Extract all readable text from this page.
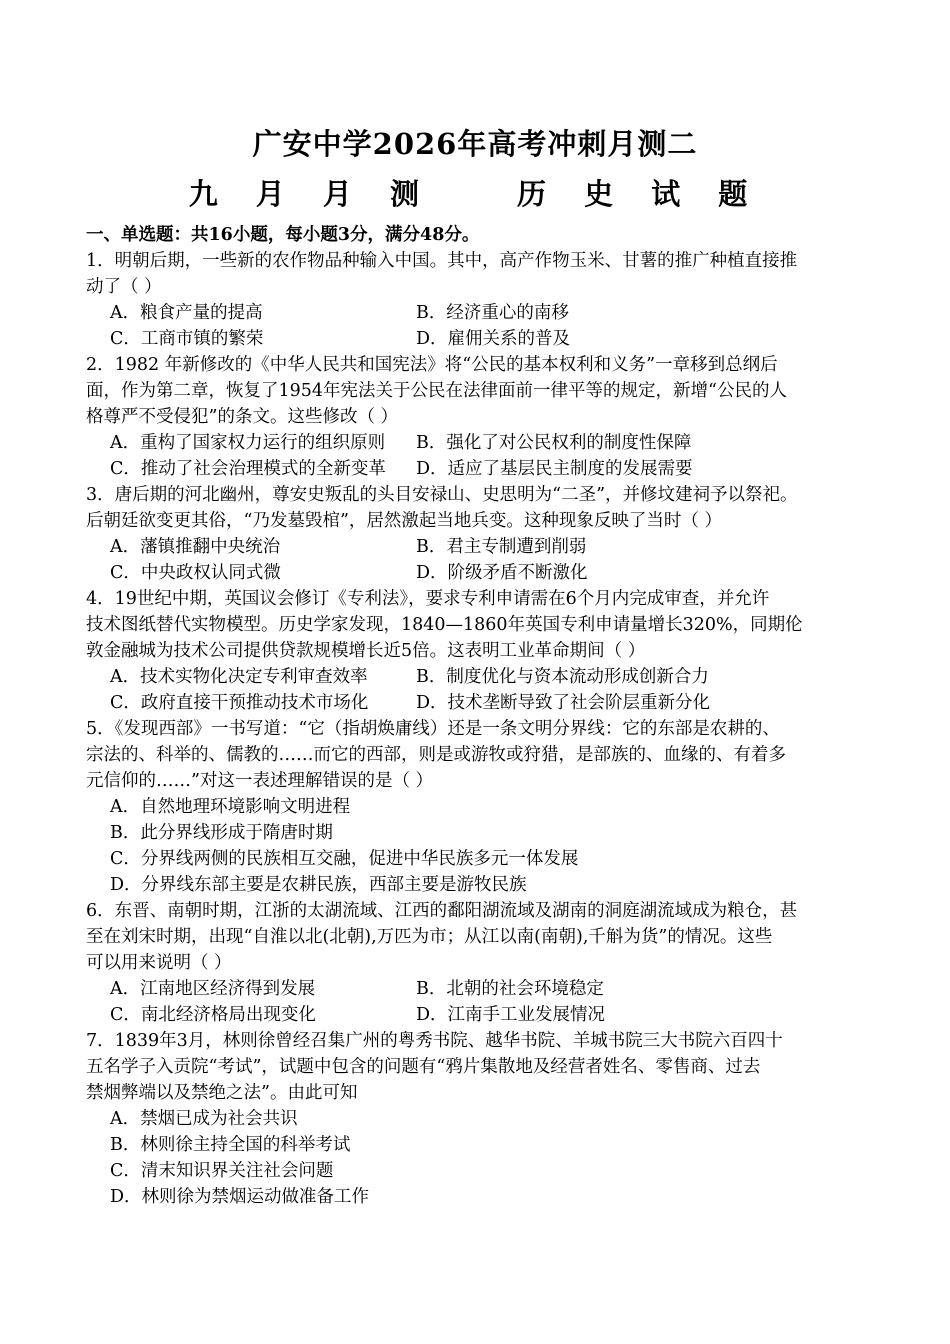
广安中学2026年高考冲刺月测二
九 月 月 测	历 史 试 题
一、单选题：共16小题，每小题3分，满分48分。
1．明朝后期，一些新的农作物品种输入中国。其中，高产作物玉米、甘薯的推广种植直接推
动了（ ）
A．粮食产量的提高	B．经济重心的南移
C．工商市镇的繁荣	D．雇佣关系的普及
2．1982 年新修改的《中华人民共和国宪法》将“公民的基本权利和义务”一章移到总纲后
面，作为第二章，恢复了1954年宪法关于公民在法律面前一律平等的规定，新增“公民的人
格尊严不受侵犯”的条文。这些修改（ ）
A．重构了国家权力运行的组织原则	B．强化了对公民权利的制度性保障
C．推动了社会治理模式的全新变革	D．适应了基层民主制度的发展需要
3．唐后期的河北幽州，尊安史叛乱的头目安禄山、史思明为“二圣”，并修坟建祠予以祭祀。
后朝廷欲变更其俗，“乃发墓毁棺”，居然激起当地兵变。这种现象反映了当时（ ）
A．藩镇推翻中央统治	B．君主专制遭到削弱
C．中央政权认同式微	D．阶级矛盾不断激化
4．19世纪中期，英国议会修订《专利法》，要求专利申请需在6个月内完成审查，并允许
技术图纸替代实物模型。历史学家发现，1840—1860年英国专利申请量增长320%，同期伦
敦金融城为技术公司提供贷款规模增长近5倍。这表明工业革命期间（ ）
A．技术实物化决定专利审查效率	B．制度优化与资本流动形成创新合力
C．政府直接干预推动技术市场化	D．技术垄断导致了社会阶层重新分化
5．《发现西部》一书写道：“它（指胡焕庸线）还是一条文明分界线：它的东部是农耕的、
宗法的、科举的、儒教的……而它的西部，则是或游牧或狩猎，是部族的、血缘的、有着多
元信仰的……”对这一表述理解错误的是（ ）
A．自然地理环境影响文明进程
B．此分界线形成于隋唐时期
C．分界线两侧的民族相互交融，促进中华民族多元一体发展
D．分界线东部主要是农耕民族，西部主要是游牧民族
6．东晋、南朝时期，江浙的太湖流域、江西的鄱阳湖流域及湖南的洞庭湖流域成为粮仓，甚
至在刘宋时期，出现“自淮以北(北朝),万匹为市；从江以南(南朝),千斛为货”的情况。这些
可以用来说明（ ）
A．江南地区经济得到发展	B．北朝的社会环境稳定
C．南北经济格局出现变化	D．江南手工业发展情况
7．1839年3月，林则徐曾经召集广州的粤秀书院、越华书院、羊城书院三大书院六百四十
五名学子入贡院“考试”，试题中包含的问题有“鸦片集散地及经营者姓名、零售商、过去
禁烟弊端以及禁绝之法”。由此可知
A．禁烟已成为社会共识
B．林则徐主持全国的科举考试
C．清末知识界关注社会问题
D．林则徐为禁烟运动做准备工作
